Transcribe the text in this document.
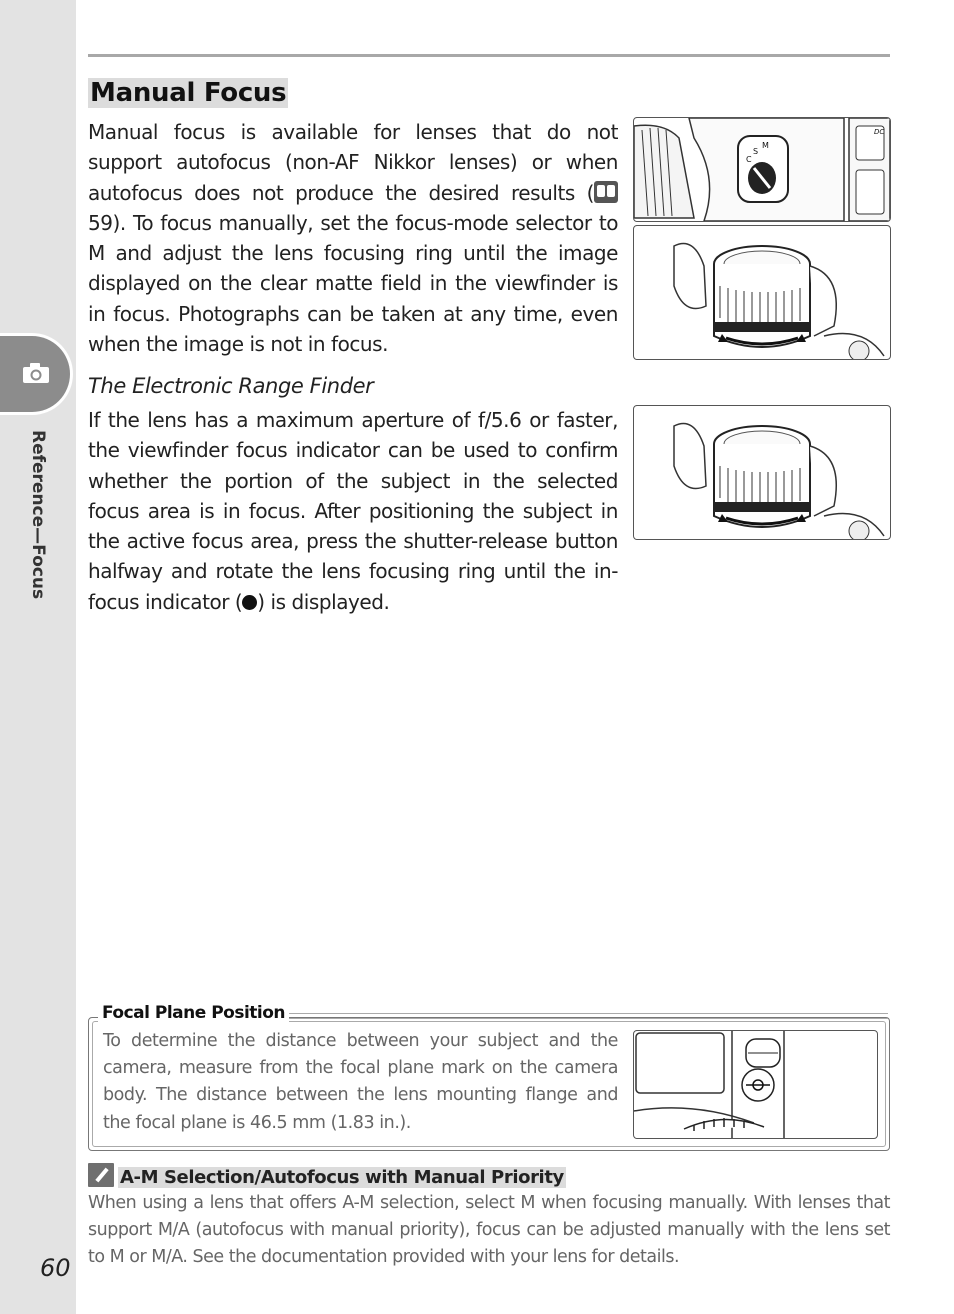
Reference—Focus
60
Manual Focus

Manual focus is available for lenses that do not support autofocus (non-AF Nikkor lenses) or when autofocus does not produce the desired results ( 59). To focus manually, set the focus-mode selector to M and adjust the lens focusing ring until the image displayed on the clear matte field in the viewfinder is in focus. Photographs can be taken at any time, even when the image is not in focus.

The Electronic Range Finder

If the lens has a maximum aperture of f/5.6 or faster, the viewfinder focus indicator can be used to confirm whether the portion of the subject in the selected focus area is in focus. After positioning the subject in the active focus area, press the shutter-release button halfway and rotate the lens focusing ring until the in-focus indicator ( ) is displayed.

C
S
M
DC
Focal Plane Position

To determine the distance between your subject and the camera, measure from the focal plane mark on the camera body. The distance between the lens mounting flange and the focal plane is 46.5 mm (1.83 in.).

A-M Selection/Autofocus with Manual Priority

When using a lens that offers A-M selection, select M when focusing manually. With lenses that support M/A (autofocus with manual priority), focus can be adjusted manually with the lens set to M or M/A. See the documentation provided with your lens for details.
